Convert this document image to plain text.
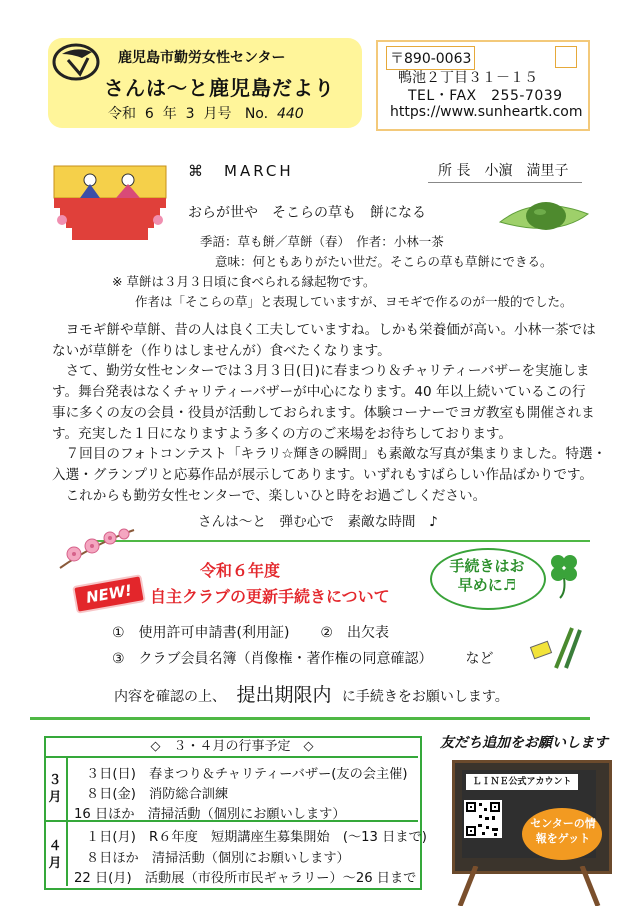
鹿児島市勤労女性センター
さんは～と鹿児島だより
令和 6 年 3 月号 No. 440
〒890-0063
鴨池２丁目３１－１５
TEL・FAX　255-7039
https://www.sunheartk.com
⌘　MARCH	所 長　小濵　満里子
おらが世や　そこらの草も　餅になる
季語：草も餅／草餅（春）　作者：小林一茶
意味：何ともありがたい世だ。そこらの草も草餅にできる。
※ 草餅は３月３日頃に食べられる縁起物です。
作者は「そこらの草」と表現していますが、ヨモギで作るのが一般的でした。

　ヨモギ餅や草餅、昔の人は良く工夫していますね。しかも栄養価が高い。小林一茶では

ないが草餅を（作りはしませんが）食べたくなります。

　さて、勤労女性センターでは３月３日(日)に春まつり＆チャリティーバザーを実施しま

す。舞台発表はなくチャリティーバザーが中心になります。40 年以上続いているこの行

事に多くの友の会員・役員が活動しておられます。体験コーナーでヨガ教室も開催されま

す。充実した１日になりますよう多くの方のご来場をお待ちしております。

　７回目のフォトコンテスト「キラリ☆輝きの瞬間」も素敵な写真が集まりました。特選・

入選・グランプリと応募作品が展示してあります。いずれもすばらしい作品ばかりです。

　これからも勤労女性センターで、楽しいひと時をお過ごしください。

さんは～と　弾む心で　素敵な時間　♪
NEW!
令和６年度
自主クラブの更新手続きについて
手続きはお早めに♬
①　使用許可申請書(利用証) ②　出欠表
③　クラブ会員名簿（肖像権・著作権の同意確認） など
内容を確認の上、 提出期限内 に手続きをお願いします。
◇　３・４月の行事予定　◇
３月
３日(日)　春まつり＆チャリティーバザー(友の会主催)
８日(金)　消防総合訓練
16 日ほか　清掃活動（個別にお願いします）
４月
１日(月)　R６年度　短期講座生募集開始　(～13 日まで)
８日ほか　清掃活動（個別にお願いします）
22 日(月)　活動展（市役所市民ギャラリー）～26 日まで
友だち追加をお願いします
ＬＩＮＥ公式アカウント
センターの情報をゲット
